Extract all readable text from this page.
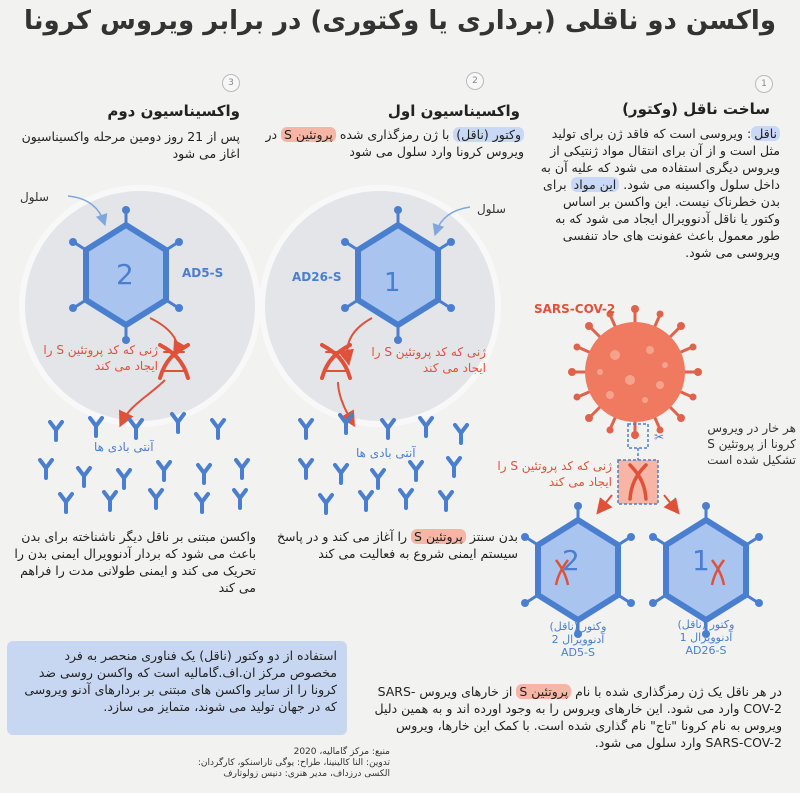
واکسن دو ناقلی (برداری یا وکتوری) در برابر ویروس کرونا
1
2
3
ساخت ناقل (وکتور)
ناقل: ویروسی است که فاقد ژن برای تولید مثل است و از آن برای انتقال مواد ژنتیکی از ویروس دیگری استفاده می شود که علیه آن به داخل سلول واکسینه می شود. این مواد برای بدن خطرناک نیست. این واکسن بر اساس وکتور یا ناقل آدنوویرال ایجاد می شود که به طور معمول باعث عفونت های حاد تنفسی ویروسی می شود.
واکسیناسیون اول
وکتور (ناقل) با ژن رمزگذاری شده پروتئین S در ویروس کرونا وارد سلول می شود
واکسیناسیون دوم
پس از 21 روز دومین مرحله واکسیناسیون اغاز می شود
✂
سلول
سلول
AD26-S
AD5-S	1
2
ژنی که کد پروتئین S را ایجاد می کند
ژنی که کد پروتئین S را ایجاد می کند
آنتی بادی ها
آنتی بادی ها
SARS-COV-2
هر خار در ویروس کرونا از پروتئین S تشکیل شده است
ژنی که کد پروتئین S را ایجاد می کند
2	1
وکتور (ناقل)
آدنوویرال 2
AD5-S
وکتور (ناقل)
آدنوویرال 1
AD26-S
بدن سنتز پروتئین S را آغاز می کند و در پاسخ سیستم ایمنی شروع به فعالیت می کند
واکسن مبتنی بر ناقل دیگر ناشناخته برای بدن باعث می شود که بردار آدنوویرال ایمنی بدن را تحریک می کند و ایمنی طولانی مدت را فراهم می کند
در هر ناقل یک ژن رمزگذاری شده با نام پروتئین S از خارهای ویروس SARS-COV-2 وارد می شود. این خارهای ویروس را به وجود اورده اند و به همین دلیل ویروس به نام کرونا "تاج" نام گذاری شده است. با کمک این خارها، ویروس SARS-COV-2 وارد سلول می شود.
استفاده از دو وکتور (ناقل) یک فناوری منحصر به فرد مخصوص مرکز ان.اف.گامالیه است که واکسن روسی ضد کرونا را از سایر واکسن های مبتنی بر بردارهای آدنو ویروسی که در جهان تولید می شوند، متمایز می سازد.
منبع: مرکز گامالیه، 2020
تدوین: النا کالینینا، طراح: یوگی تاراسنکو، کارگردان: الکسی درزداف، مدیر هنری: دنیس زولوتارف
